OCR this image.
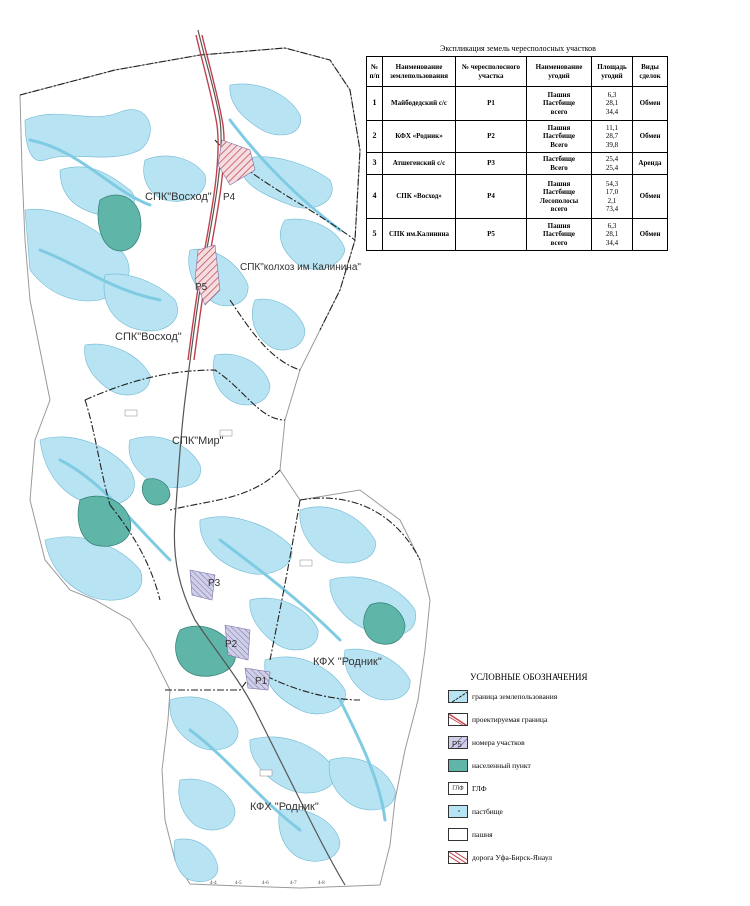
4-4	4-5	4-6	4-7	4-8
СПК"Восход"
СПК"Восход"
СПК"колхоз им Калинина"
СПК"Мир"
КФХ "Родник"
КФХ "Родник"
Р4
Р5
Р3
Р2
Р1
Экспликация земель чересполосных участков
№ п/п	Наименование землепользования	№ чересполосного участка	Наименование угодий	Площадь угодий	Виды сделок
1	Майбодедский с/с	Р1	Пашня
Пастбище
всего	6,3
28,1
34,4	Обмен
2	КФХ «Родник»	Р2	Пашня
Пастбище
Всего	11,1
28,7
39,8	Обмен
3	Атшегенский с/с	Р3	Пастбище
Всего	25,4
25,4	Аренда
4	СПК «Восход»	Р4	Пашня
Пастбище
Лесополосы
всего	54,3
17,0
2,1
73,4	Обмен
5	СПК им.Калинина	Р5	Пашня
Пастбище
всего	6,3
28,1
34,4	Обмен
УСЛОВНЫЕ ОБОЗНАЧЕНИЯ
граница землепользования
проектируемая граница
Р5 номера участков
населенный пункт
ГЛФ	ГЛФ
пастбище
пашня
дорога Уфа-Бирск-Янаул
